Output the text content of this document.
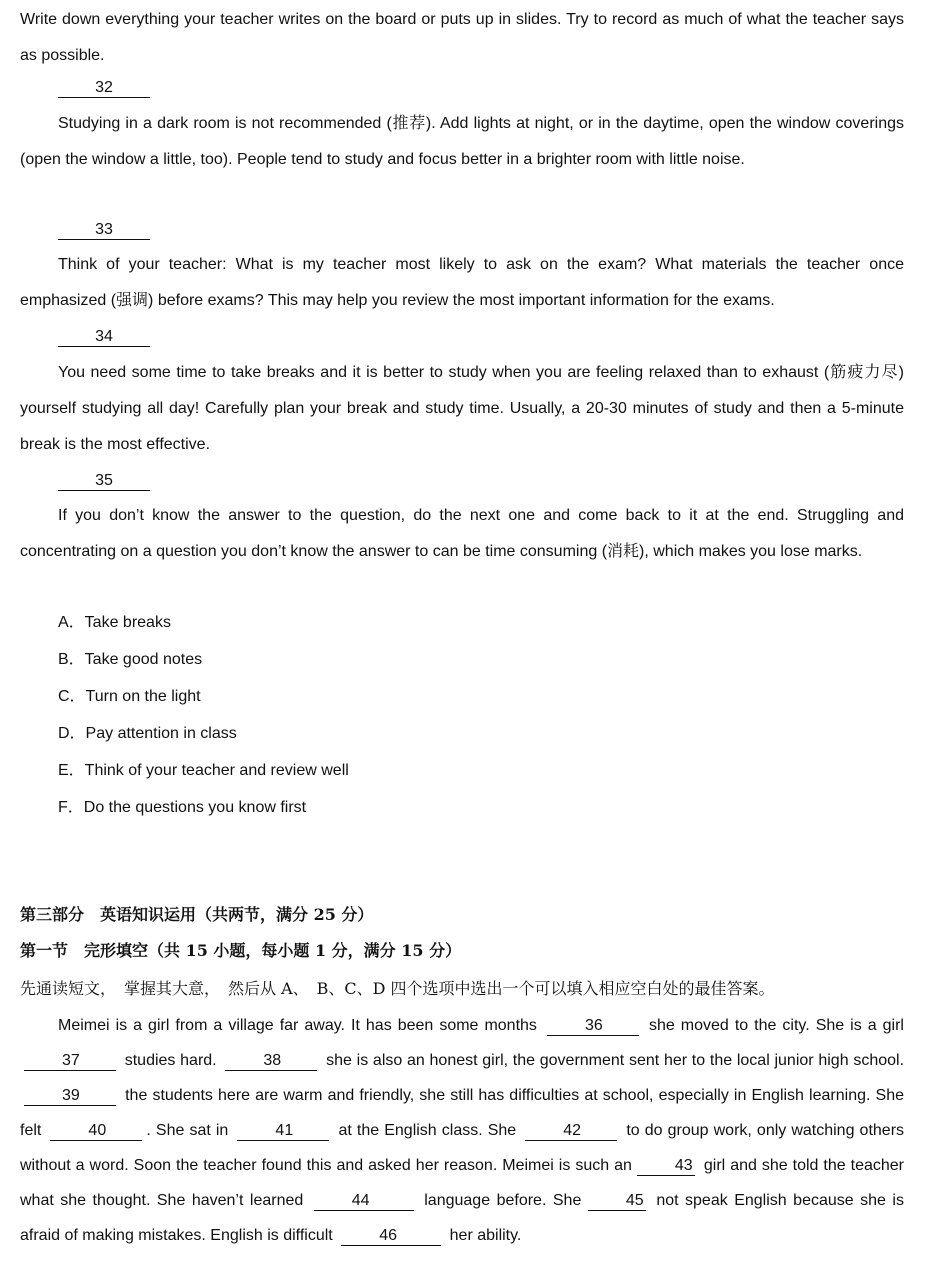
Write down everything your teacher writes on the board or puts up in slides. Try to record as much of what the teacher says as possible.

32

Studying in a dark room is not recommended (推荐). Add lights at night, or in the daytime, open the window coverings (open the window a little, too). People tend to study and focus better in a brighter room with little noise.

33

Think of your teacher: What is my teacher most likely to ask on the exam? What materials the teacher once emphasized (强调) before exams? This may help you review the most important information for the exams.

34

You need some time to take breaks and it is better to study when you are feeling relaxed than to exhaust (筋疲力尽) yourself studying all day! Carefully plan your break and study time. Usually, a 20-30 minutes of study and then a 5-minute break is the most effective.

35

If you don’t know the answer to the question, do the next one and come back to it at the end. Struggling and concentrating on a question you don’t know the answer to can be time consuming (消耗), which makes you lose marks.

A．Take breaks
B．Take good notes
C．Turn on the light
D．Pay attention in class
E．Think of your teacher and review well
F．Do the questions you know first
第三部分　英语知识运用（共两节，满分 25 分）
第一节　完形填空（共 15 小题，每小题 1 分，满分 15 分）
先通读短文，　掌握其大意，　然后从 A、　B、C、D 四个选项中选出一个可以填入相应空白处的最佳答案。
Meimei is a girl from a village far away. It has been some months	36	she moved to the city. She is a girl 37	studies hard.	38	she is also an honest girl, the government sent her to the local junior high school. 39	the students here are warm and friendly, she still has difficulties at school, especially in English learning. She felt	40	. She sat in	41	at the English class. She	42	to do group work, only watching others without a word. Soon the teacher found this and asked her reason. Meimei is such an	43 girl and she told the teacher what she thought. She haven’t learned	44	language before. She	45 not speak English because she is afraid of making mistakes. English is difficult	46	her ability.
